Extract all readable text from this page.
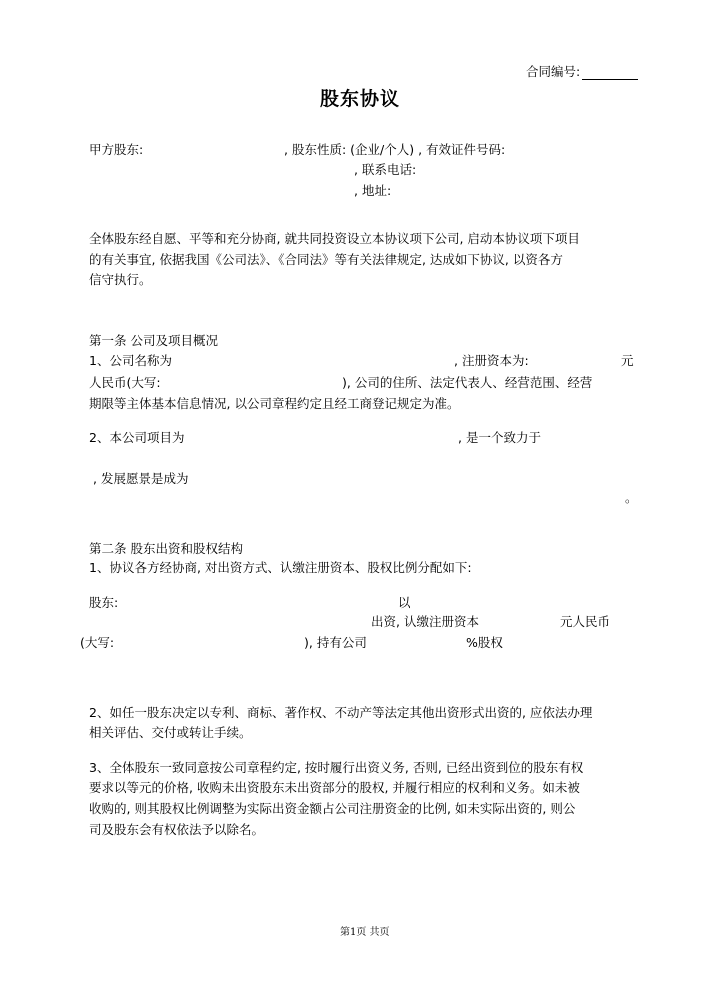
合同编号:
股东协议
甲方股东:	, 股东性质: (企业/个人) , 有效证件号码:
, 联系电话:
, 地址:
全体股东经自愿、平等和充分协商, 就共同投资设立本协议项下公司, 启动本协议项下项目
的有关事宜, 依据我国《公司法》、《合同法》等有关法律规定, 达成如下协议, 以资各方
信守执行。
第一条 公司及项目概况
1、公司名称为	, 注册资本为:	元
人民币(大写:	), 公司的住所、法定代表人、经营范围、经营
期限等主体基本信息情况, 以公司章程约定且经工商登记规定为准。
2、本公司项目为	, 是一个致力于
, 发展愿景是成为
。
第二条 股东出资和股权结构
1、协议各方经协商, 对出资方式、认缴注册资本、股权比例分配如下:
股东:	以
出资, 认缴注册资本	元人民币
(大写:	), 持有公司	%股权
2、如任一股东决定以专利、商标、著作权、不动产等法定其他出资形式出资的, 应依法办理
相关评估、交付或转让手续。
3、全体股东一致同意按公司章程约定, 按时履行出资义务, 否则, 已经出资到位的股东有权
要求以等元的价格, 收购未出资股东未出资部分的股权, 并履行相应的权利和义务。如未被
收购的, 则其股权比例调整为实际出资金额占公司注册资金的比例, 如未实际出资的, 则公
司及股东会有权依法予以除名。
第1页 共页
